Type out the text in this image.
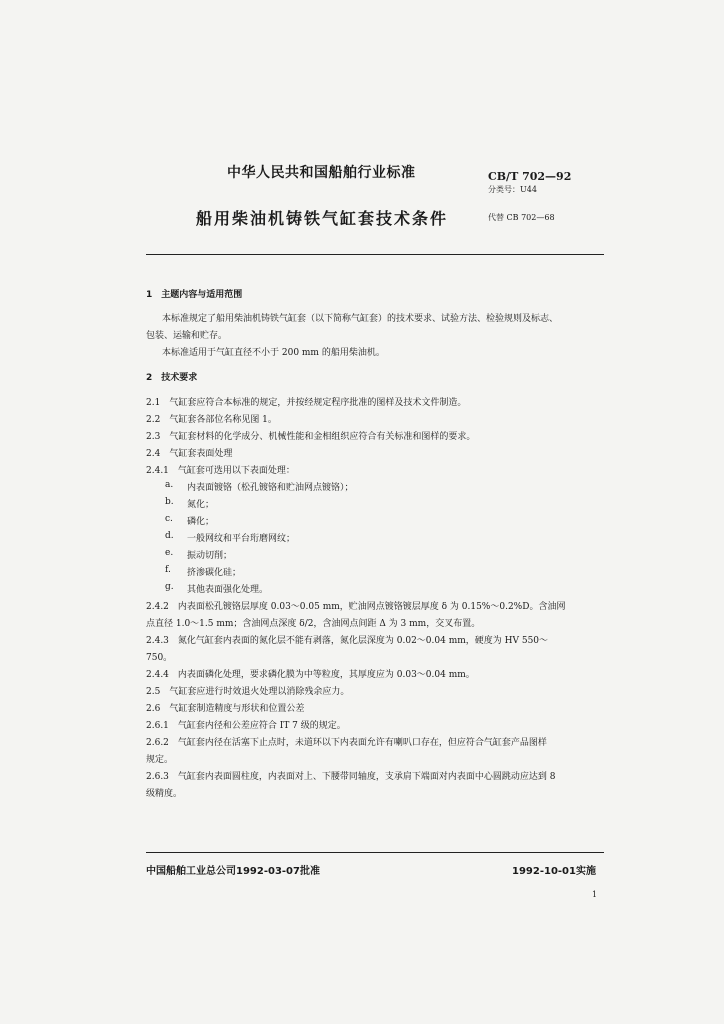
中华人民共和国船舶行业标准
船用柴油机铸铁气缸套技术条件
CB/T 702—92
分类号：U44
代替 CB 702—68
1　主题内容与适用范围
本标准规定了船用柴油机铸铁气缸套（以下简称气缸套）的技术要求、试验方法、检验规则及标志、
包装、运输和贮存。
本标准适用于气缸直径不小于 200 mm 的船用柴油机。
2　技术要求
2.1　气缸套应符合本标准的规定，并按经规定程序批准的图样及技术文件制造。
2.2　气缸套各部位名称见图 1。
2.3　气缸套材料的化学成分、机械性能和金相组织应符合有关标准和图样的要求。
2.4　气缸套表面处理
2.4.1　气缸套可选用以下表面处理：
a. 内表面镀铬（松孔镀铬和贮油网点镀铬）；
b. 氮化；
c. 磷化；
d. 一般网纹和平台珩磨网纹；
e. 振动切削；
f. 挤渗碳化硅；
g. 其他表面强化处理。
2.4.2　内表面松孔镀铬层厚度 0.03～0.05 mm，贮油网点镀铬镀层厚度 δ 为 0.15%～0.2%D。含油网
点直径 1.0～1.5 mm；含油网点深度 δ/2，含油网点间距 Δ 为 3 mm，交叉布置。
2.4.3　氮化气缸套内表面的氮化层不能有剥落，氮化层深度为 0.02～0.04 mm，硬度为 HV 550～
750。
2.4.4　内表面磷化处理，要求磷化膜为中等粒度，其厚度应为 0.03～0.04 mm。
2.5　气缸套应进行时效退火处理以消除残余应力。
2.6　气缸套制造精度与形状和位置公差
2.6.1　气缸套内径和公差应符合 IT 7 级的规定。
2.6.2　气缸套内径在活塞下止点时，未道环以下内表面允许有喇叭口存在，但应符合气缸套产品图样
规定。
2.6.3　气缸套内表面圆柱度，内表面对上、下腰带同轴度，支承肩下端面对内表面中心圆跳动应达到 8
级精度。
中国船舶工业总公司1992-03-07批准	1992-10-01实施
1
